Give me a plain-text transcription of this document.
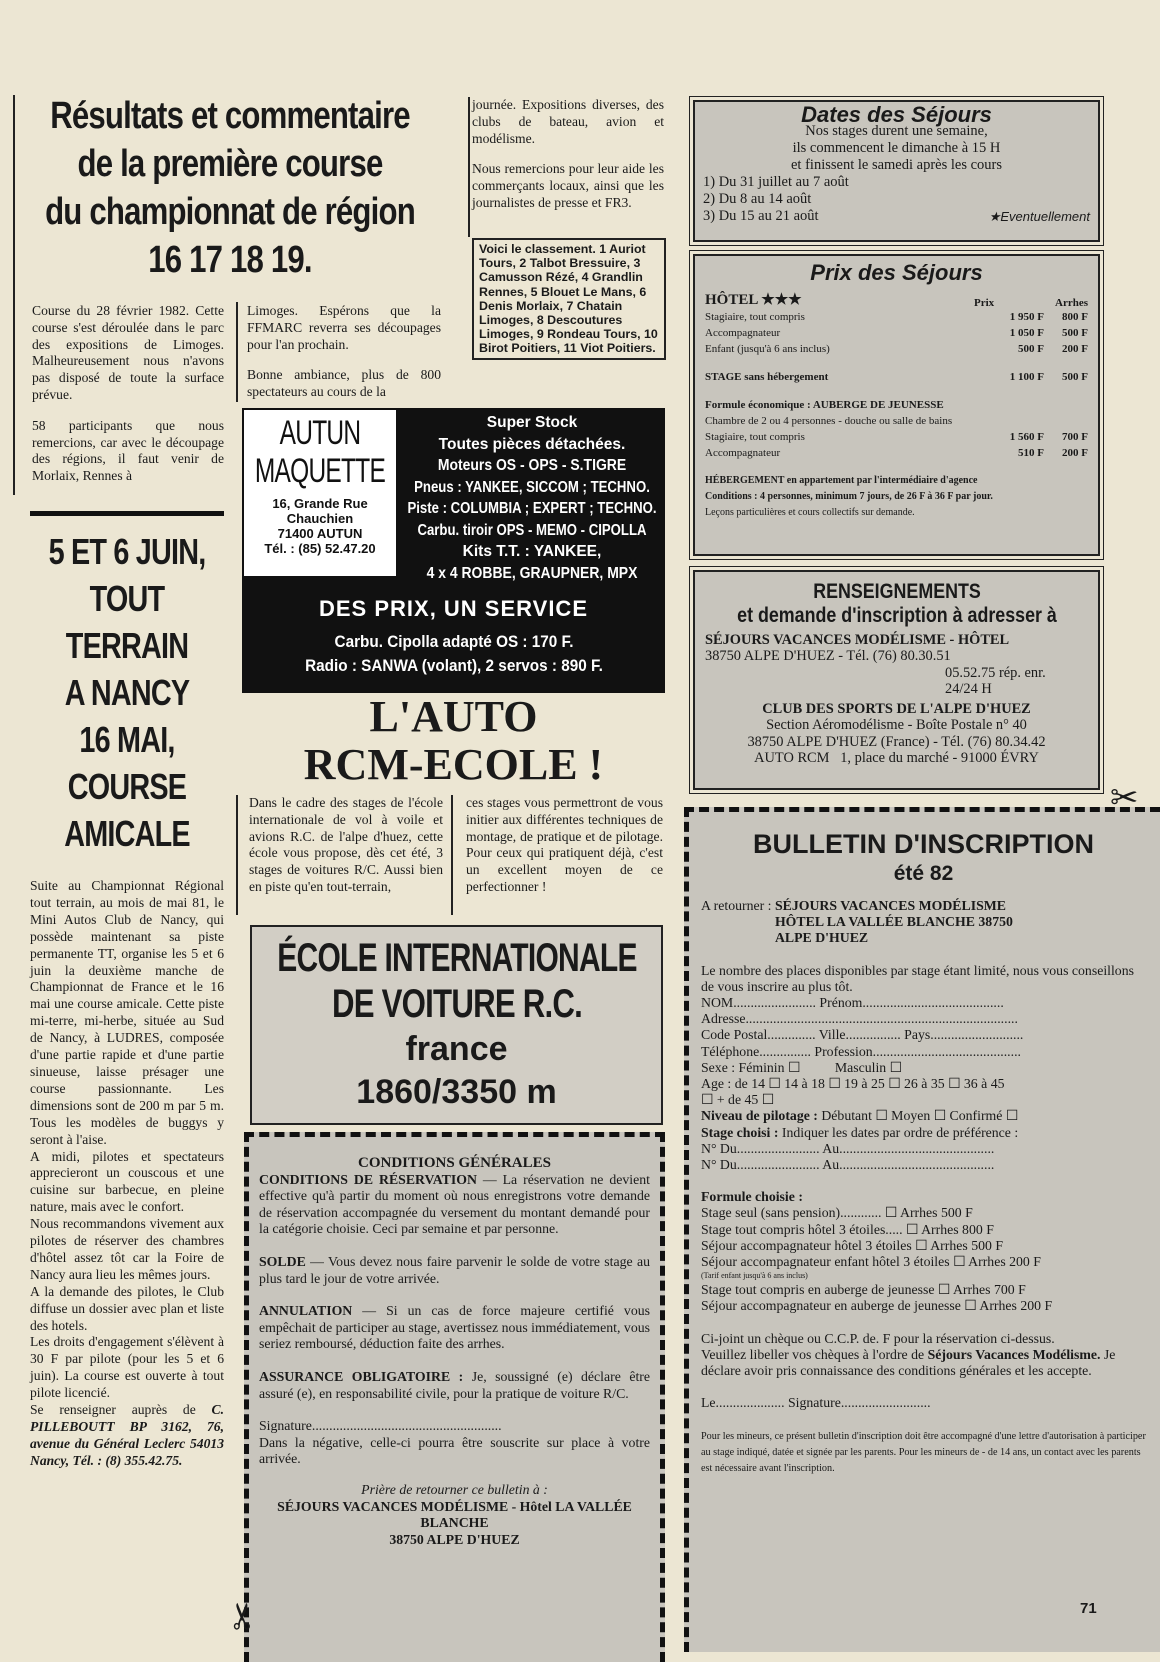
Résultats et commentaire
de la première course
du championnat de région
16 17 18 19.

Course du 28 février 1982. Cette course s'est déroulée dans le parc des expositions de Limoges. Malheureusement nous n'avons pas disposé de toute la surface prévue.

58 participants que nous remercions, car avec le découpage des régions, il faut venir de Morlaix, Rennes à

Limoges. Espérons que la FFMARC reverra ses découpages pour l'an prochain.

Bonne ambiance, plus de 800 spectateurs au cours de la

journée. Expositions diverses, des clubs de bateau, avion et modélisme.

Nous remercions pour leur aide les commerçants locaux, ainsi que les journalistes de presse et FR3.

Voici le classement. 1 Auriot Tours, 2 Talbot Bressuire, 3 Camusson Rézé, 4 Grandlin Rennes, 5 Blouet Le Mans, 6 Denis Morlaix, 7 Chatain Limoges, 8 Descoutures Limoges, 9 Rondeau Tours, 10 Birot Poitiers, 11 Viot Poitiers.
5 ET 6 JUIN,
TOUT
TERRAIN
A NANCY
16 MAI,
COURSE
AMICALE

Suite au Championnat Régional tout terrain, au mois de mai 81, le Mini Autos Club de Nancy, qui possède maintenant sa piste permanente TT, organise les 5 et 6 juin la deuxième manche de Championnat de France et le 16 mai une course amicale. Cette piste mi-terre, mi-herbe, située au Sud de Nancy, à LUDRES, composée d'une partie rapide et d'une partie sinueuse, laisse présager une course passionnante. Les dimensions sont de 200 m par 5 m. Tous les modèles de buggys y seront à l'aise.

A midi, pilotes et spectateurs apprecieront un couscous et une cuisine sur barbecue, en pleine nature, mais avec le confort.

Nous recommandons vivement aux pilotes de réserver des chambres d'hôtel assez tôt car la Foire de Nancy aura lieu les mêmes jours.

A la demande des pilotes, le Club diffuse un dossier avec plan et liste des hotels.

Les droits d'engagement s'élèvent à 30 F par pilote (pour les 5 et 6 juin). La course est ouverte à tout pilote licencié.

Se renseigner auprès de C. PILLEBOUTT BP 3162, 76, avenue du Général Leclerc 54013 Nancy, Tél. : (8) 355.42.75.

AUTUN MAQUETTE
16, Grande Rue
Chauchien
71400 AUTUN
Tél. : (85) 52.47.20
Super Stock
Toutes pièces détachées.
Moteurs OS - OPS - S.TIGRE
Pneus : YANKEE, SICCOM ; TECHNO.
Piste : COLUMBIA ; EXPERT ; TECHNO.
Carbu. tiroir OPS - MEMO - CIPOLLA
Kits T.T. : YANKEE,
4 x 4 ROBBE, GRAUPNER, MPX
DES PRIX, UN SERVICE
Carbu. Cipolla adapté OS : 170 F.
Radio : SANWA (volant), 2 servos : 890 F.
L'AUTO
RCM-ECOLE !
Dans le cadre des stages de l'école internationale de vol à voile et avions R.C. de l'alpe d'huez, cette école vous propose, dès cet été, 3 stages de voitures R/C. Aussi bien en piste qu'en tout-terrain,
ces stages vous permettront de vous initier aux différentes techniques de montage, de pratique et de pilotage. Pour ceux qui pratiquent déjà, c'est un excellent moyen de ce perfectionner !
ÉCOLE INTERNATIONALE
DE VOITURE R.C.
france
1860/3350 m
CONDITIONS GÉNÉRALES

CONDITIONS DE RÉSERVATION — La réservation ne devient effective qu'à partir du moment où nous enregistrons votre demande de réservation accompagnée du versement du montant demandé pour la catégorie choisie. Ceci par semaine et par personne.

SOLDE — Vous devez nous faire parvenir le solde de votre stage au plus tard le jour de votre arrivée.

ANNULATION — Si un cas de force majeure certifié vous empêchait de participer au stage, avertissez nous immédiatement, vous seriez remboursé, déduction faite des arrhes.

ASSURANCE OBLIGATOIRE : Je, soussigné (e) déclare être assuré (e), en responsabilité civile, pour la pratique de voiture R/C.

Signature.......................................................

Dans la négative, celle-ci pourra être souscrite sur place à votre arrivée.

Prière de retourner ce bulletin à :
SÉJOURS VACANCES MODÉLISME - Hôtel LA VALLÉE BLANCHE
38750 ALPE D'HUEZ
✂
Dates des Séjours
Nos stages durent une semaine,
ils commencent le dimanche à 15 H
et finissent le samedi après les cours
1) Du 31 juillet au 7 août
2) Du 8 au 14 août
3) Du 15 au 21 août	★Eventuellement
Prix des Séjours
HÔTEL ★★★	Prix	Arrhes
Stagiaire, tout compris	1 950 F	800 F
Accompagnateur	1 050 F	500 F
Enfant (jusqu'à 6 ans inclus)	500 F	200 F
STAGE sans hébergement	1 100 F	500 F
Formule économique : AUBERGE DE JEUNESSE
Chambre de 2 ou 4 personnes - douche ou salle de bains
Stagiaire, tout compris	1 560 F	700 F
Accompagnateur	510 F	200 F
HÉBERGEMENT en appartement par l'intermédiaire d'agence
Conditions : 4 personnes, minimum 7 jours, de 26 F à 36 F par jour.
Leçons particulières et cours collectifs sur demande.
RENSEIGNEMENTS
et demande d'inscription à adresser à
SÉJOURS VACANCES MODÉLISME - HÔTEL
38750 ALPE D'HUEZ - Tél. (76) 80.30.51
05.52.75 rép. enr.
24/24 H
CLUB DES SPORTS DE L'ALPE D'HUEZ
Section Aéromodélisme - Boîte Postale n° 40
38750 ALPE D'HUEZ (France) - Tél. (76) 80.34.42
AUTO RCM   1, place du marché - 91000 ÉVRY
✂
BULLETIN D'INSCRIPTION
été 82
A retourner :
SÉJOURS VACANCES MODÉLISME
HÔTEL LA VALLÉE BLANCHE 38750
ALPE D'HUEZ
Le nombre des places disponibles par stage étant limité, nous vous conseillons de vous inscrire au plus tôt.
NOM........................ Prénom.........................................
Adresse...............................................................................
Code Postal.............. Ville................ Pays...........................
Téléphone............... Profession...........................................
Sexe : Féminin ☐          Masculin ☐
Age : de 14 ☐ 14 à 18 ☐ 19 à 25 ☐ 26 à 35 ☐ 36 à 45
☐ + de 45 ☐
Niveau de pilotage : Débutant ☐ Moyen ☐ Confirmé ☐
Stage choisi : Indiquer les dates par ordre de préférence :
N° Du........................ Au.............................................
N° Du........................ Au.............................................
Formule choisie :
Stage seul (sans pension)............ ☐ Arrhes 500 F
Stage tout compris hôtel 3 étoiles..... ☐ Arrhes 800 F
Séjour accompagnateur hôtel 3 étoiles ☐ Arrhes 500 F
Séjour accompagnateur enfant hôtel 3 étoiles ☐ Arrhes 200 F
(Tarif enfant jusqu'à 6 ans inclus)
Stage tout compris en auberge de jeunesse ☐ Arrhes 700 F
Séjour accompagnateur en auberge de jeunesse ☐ Arrhes 200 F
Ci-joint un chèque ou C.C.P. de. F pour la réservation ci-dessus.
Veuillez libeller vos chèques à l'ordre de Séjours Vacances Modélisme. Je déclare avoir pris connaissance des conditions générales et les accepte.
Le.................... Signature..........................
Pour les mineurs, ce présent bulletin d'inscription doit être accompagné d'une lettre d'autorisation à participer au stage indiqué, datée et signée par les parents. Pour les mineurs de - de 14 ans, un contact avec les parents est nécessaire avant l'inscription.
71
